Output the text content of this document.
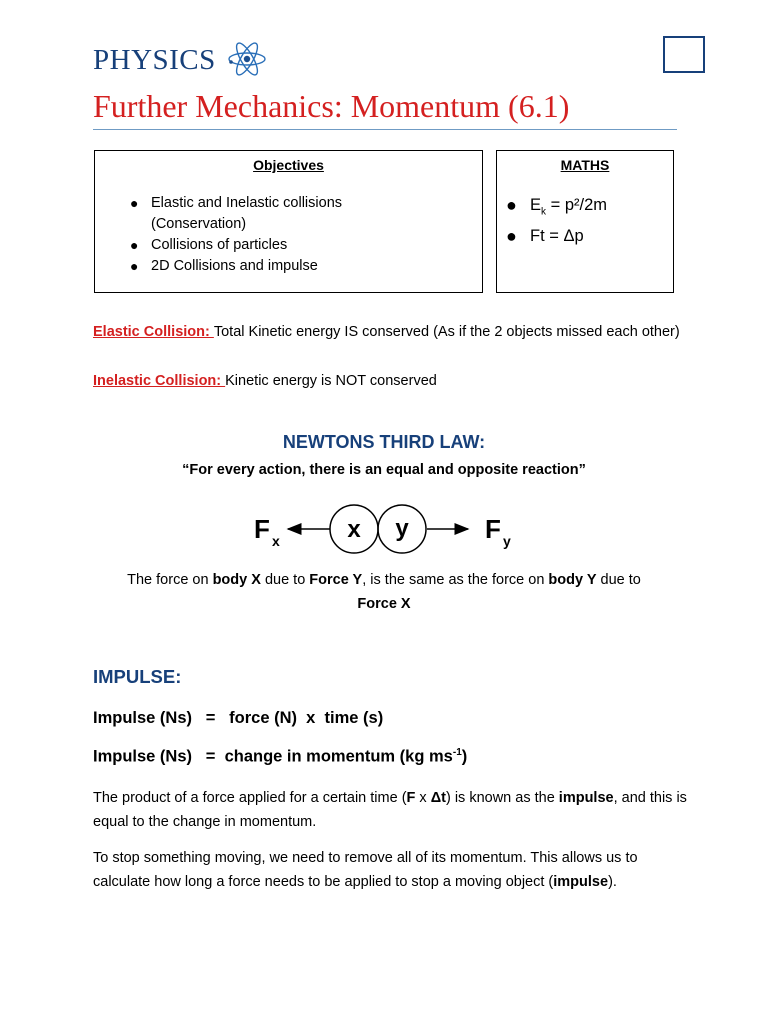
PHYSICS
Further Mechanics: Momentum (6.1)
Objectives
● Elastic and Inelastic collisions
(Conservation)
● Collisions of particles
● 2D Collisions and impulse
MATHS
● $E_k = p^2/2m$
● Ft = Δp
Elastic Collision: Total Kinetic energy IS conserved (As if the 2 objects missed each other)
Inelastic Collision: Kinetic energy is NOT conserved
NEWTONS THIRD LAW:
“For every action, there is an equal and opposite reaction”
F x	x y	F y
The force on body X due to Force Y, is the same as the force on body Y due to
Force X
IMPULSE:
Impulse (Ns)   =   force (N)  x  time (s)
Impulse (Ns)   =  change in momentum (kg $ms^{-1}$)
The product of a force applied for a certain time (F x Δt) is known as the impulse, and this is equal to the change in momentum.
To stop something moving, we need to remove all of its momentum. This allows us to calculate how long a force needs to be applied to stop a moving object (impulse).
